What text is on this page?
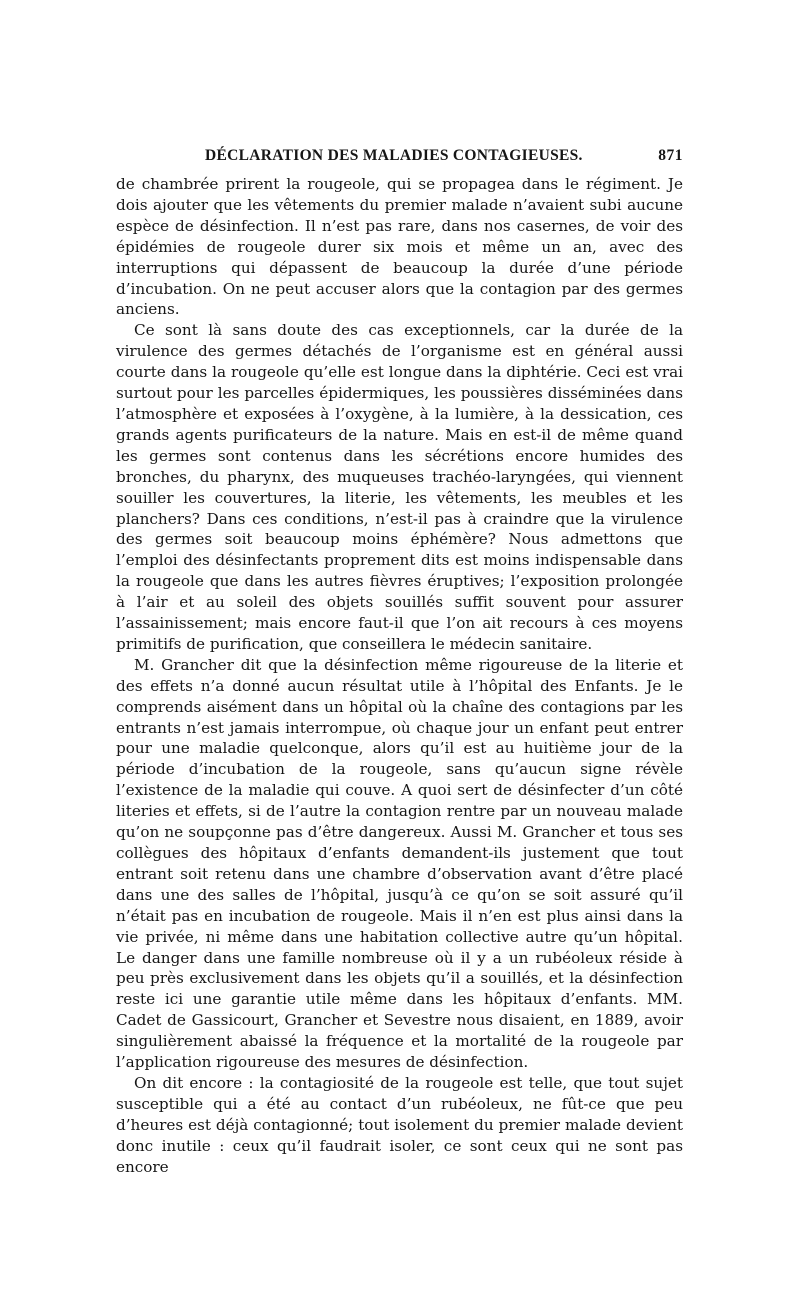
DÉCLARATION DES MALADIES CONTAGIEUSES.	871

de chambrée prirent la rougeole, qui se propagea dans le régiment. Je dois ajouter que les vêtements du premier malade n’avaient subi aucune espèce de désinfection. Il n’est pas rare, dans nos casernes, de voir des épidémies de rougeole durer six mois et même un an, avec des interruptions qui dépassent de beaucoup la durée d’une période d’incubation. On ne peut accuser alors que la contagion par des germes anciens.

Ce sont là sans doute des cas exceptionnels, car la durée de la virulence des germes détachés de l’organisme est en général aussi courte dans la rougeole qu’elle est longue dans la diphtérie. Ceci est vrai surtout pour les parcelles épidermiques, les poussières disséminées dans l’atmosphère et exposées à l’oxygène, à la lumière, à la dessication, ces grands agents purificateurs de la nature. Mais en est-il de même quand les germes sont contenus dans les sécrétions encore humides des bronches, du pharynx, des muqueuses trachéo-laryngées, qui viennent souiller les couvertures, la literie, les vêtements, les meubles et les planchers? Dans ces conditions, n’est-il pas à craindre que la virulence des germes soit beaucoup moins éphémère? Nous admettons que l’emploi des désinfectants proprement dits est moins indispensable dans la rougeole que dans les autres fièvres éruptives; l’exposition prolongée à l’air et au soleil des objets souillés suffit souvent pour assurer l’assainissement; mais encore faut-il que l’on ait recours à ces moyens primitifs de purification, que conseillera le médecin sanitaire.

M. Grancher dit que la désinfection même rigoureuse de la literie et des effets n’a donné aucun résultat utile à l’hôpital des Enfants. Je le comprends aisément dans un hôpital où la chaîne des contagions par les entrants n’est jamais interrompue, où chaque jour un enfant peut entrer pour une maladie quelconque, alors qu’il est au huitième jour de la période d’incubation de la rougeole, sans qu’aucun signe révèle l’existence de la maladie qui couve. A quoi sert de désinfecter d’un côté literies et effets, si de l’autre la contagion rentre par un nouveau malade qu’on ne soupçonne pas d’être dangereux. Aussi M. Grancher et tous ses collègues des hôpitaux d’enfants demandent-ils justement que tout entrant soit retenu dans une chambre d’observation avant d’être placé dans une des salles de l’hôpital, jusqu’à ce qu’on se soit assuré qu’il n’était pas en incubation de rougeole. Mais il n’en est plus ainsi dans la vie privée, ni même dans une habitation collective autre qu’un hôpital. Le danger dans une famille nombreuse où il y a un rubéoleux réside à peu près exclusivement dans les objets qu’il a souillés, et la désinfection reste ici une garantie utile même dans les hôpitaux d’enfants. MM. Cadet de Gassicourt, Grancher et Sevestre nous disaient, en 1889, avoir singulièrement abaissé la fréquence et la mortalité de la rougeole par l’application rigoureuse des mesures de désinfection.

On dit encore : la contagiosité de la rougeole est telle, que tout sujet susceptible qui a été au contact d’un rubéoleux, ne fût-ce que peu d’heures est déjà contagionné; tout isolement du premier malade devient donc inutile : ceux qu’il faudrait isoler, ce sont ceux qui ne sont pas encore
